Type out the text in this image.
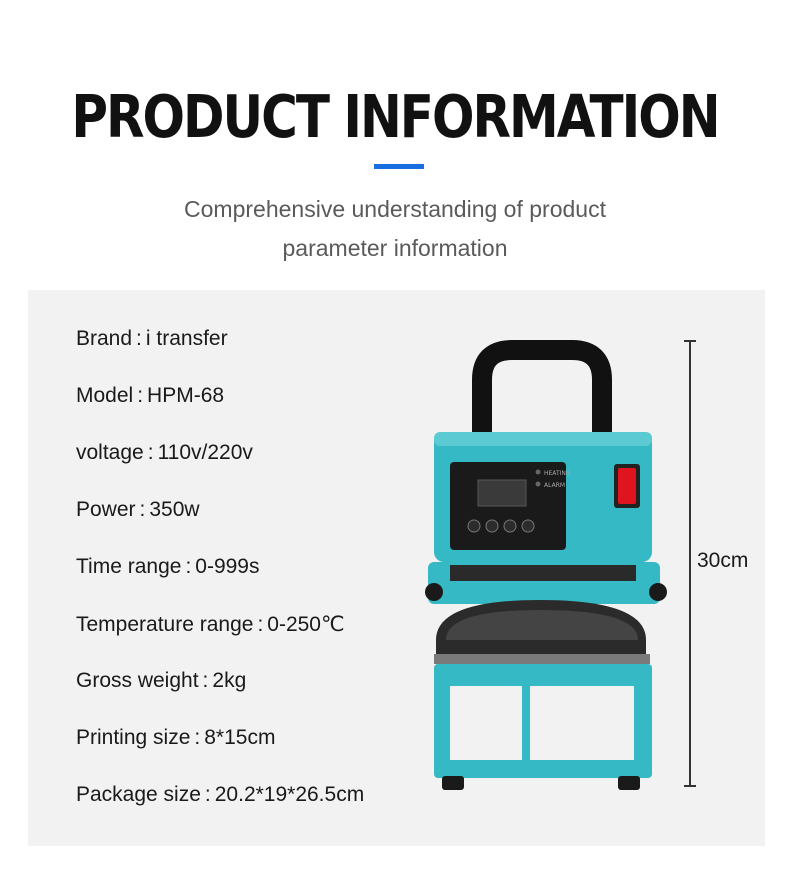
PRODUCT INFORMATION
Comprehensive understanding of product
parameter information
Brand : i transfer
Model : HPM-68
voltage : 110v/220v
Power : 350w
Time range : 0-999s
Temperature range : 0-250℃
Gross weight : 2kg
Printing size : 8*15cm
Package size : 20.2*19*26.5cm
HEATING
ALARM
30cm
